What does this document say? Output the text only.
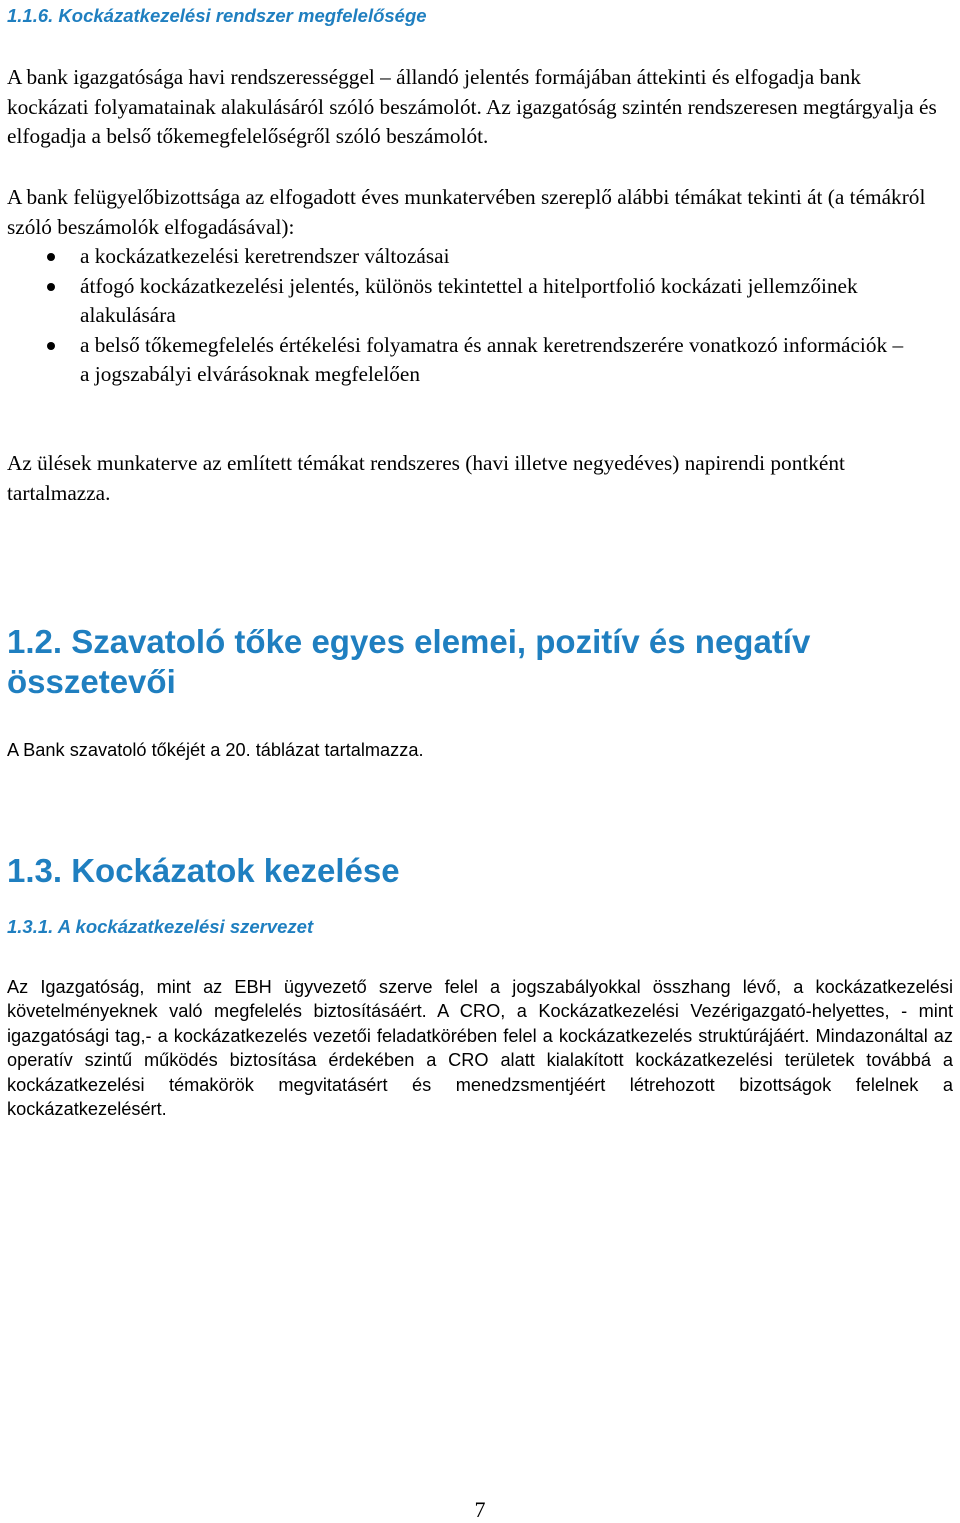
1.1.6. Kockázatkezelési rendszer megfelelősége

A bank igazgatósága havi rendszerességgel – állandó jelentés formájában áttekinti és elfogadja bank kockázati folyamatainak alakulásáról szóló beszámolót. Az igazgatóság szintén rendszeresen megtárgyalja és elfogadja a belső tőkemegfelelőségről szóló beszámolót.

A bank felügyelőbizottsága az elfogadott éves munkatervében szereplő alábbi témákat tekinti át (a témákról szóló beszámolók elfogadásával):

a kockázatkezelési keretrendszer változásai
átfogó kockázatkezelési jelentés, különös tekintettel a hitelportfolió kockázati jellemzőinek alakulására
a belső tőkemegfelelés értékelési folyamatra és annak keretrendszerére vonatkozó információk – a jogszabályi elvárásoknak megfelelően

Az ülések munkaterve az említett témákat rendszeres (havi illetve negyedéves) napirendi pontként tartalmazza.

1.2. Szavatoló tőke egyes elemei, pozitív és negatív összetevői

A Bank szavatoló tőkéjét a 20. táblázat tartalmazza.

1.3. Kockázatok kezelése
1.3.1. A kockázatkezelési szervezet

Az Igazgatóság, mint az EBH ügyvezető szerve felel a jogszabályokkal összhang lévő, a kockázatkezelési követelményeknek való megfelelés biztosításáért. A CRO, a Kockázatkezelési Vezérigazgató-helyettes, - mint igazgatósági tag,- a kockázatkezelés vezetői feladatkörében felel a kockázatkezelés struktúrájáért. Mindazonáltal az operatív szintű működés biztosítása érdekében a CRO alatt kialakított kockázatkezelési területek továbbá a kockázatkezelési témakörök megvitatásért és menedzsmentjéért létrehozott bizottságok felelnek a kockázatkezelésért.

7
